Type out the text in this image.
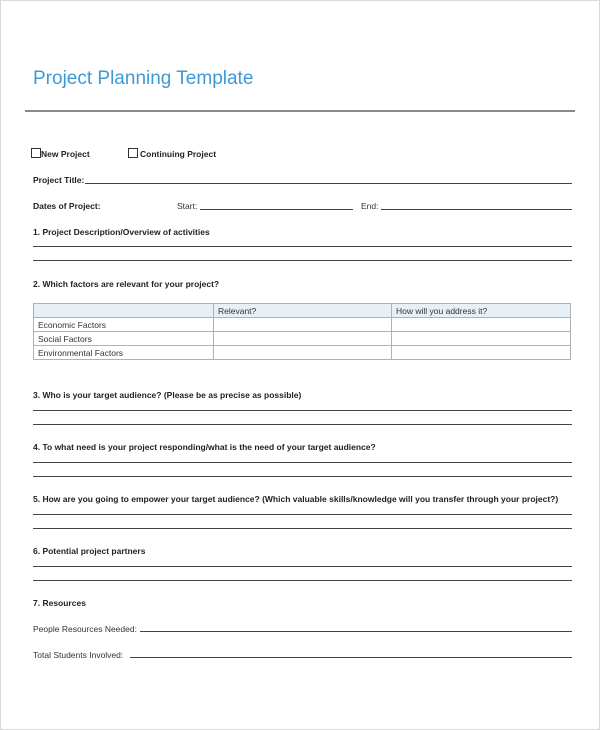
Project Planning Template
New Project	Continuing Project
Project Title:
Dates of Project:	Start:	End:
1. Project Description/Overview of activities
2. Which factors are relevant for your project?
	Relevant?	How will you address it?
Economic Factors		
Social Factors		
Environmental Factors		
3. Who is your target audience? (Please be as precise as possible)
4. To what need is your project responding/what is the need of your target audience?
5. How are you going to empower your target audience? (Which valuable skills/knowledge will you transfer through your project?)
6. Potential project partners
7. Resources
People Resources Needed:
Total Students Involved:
